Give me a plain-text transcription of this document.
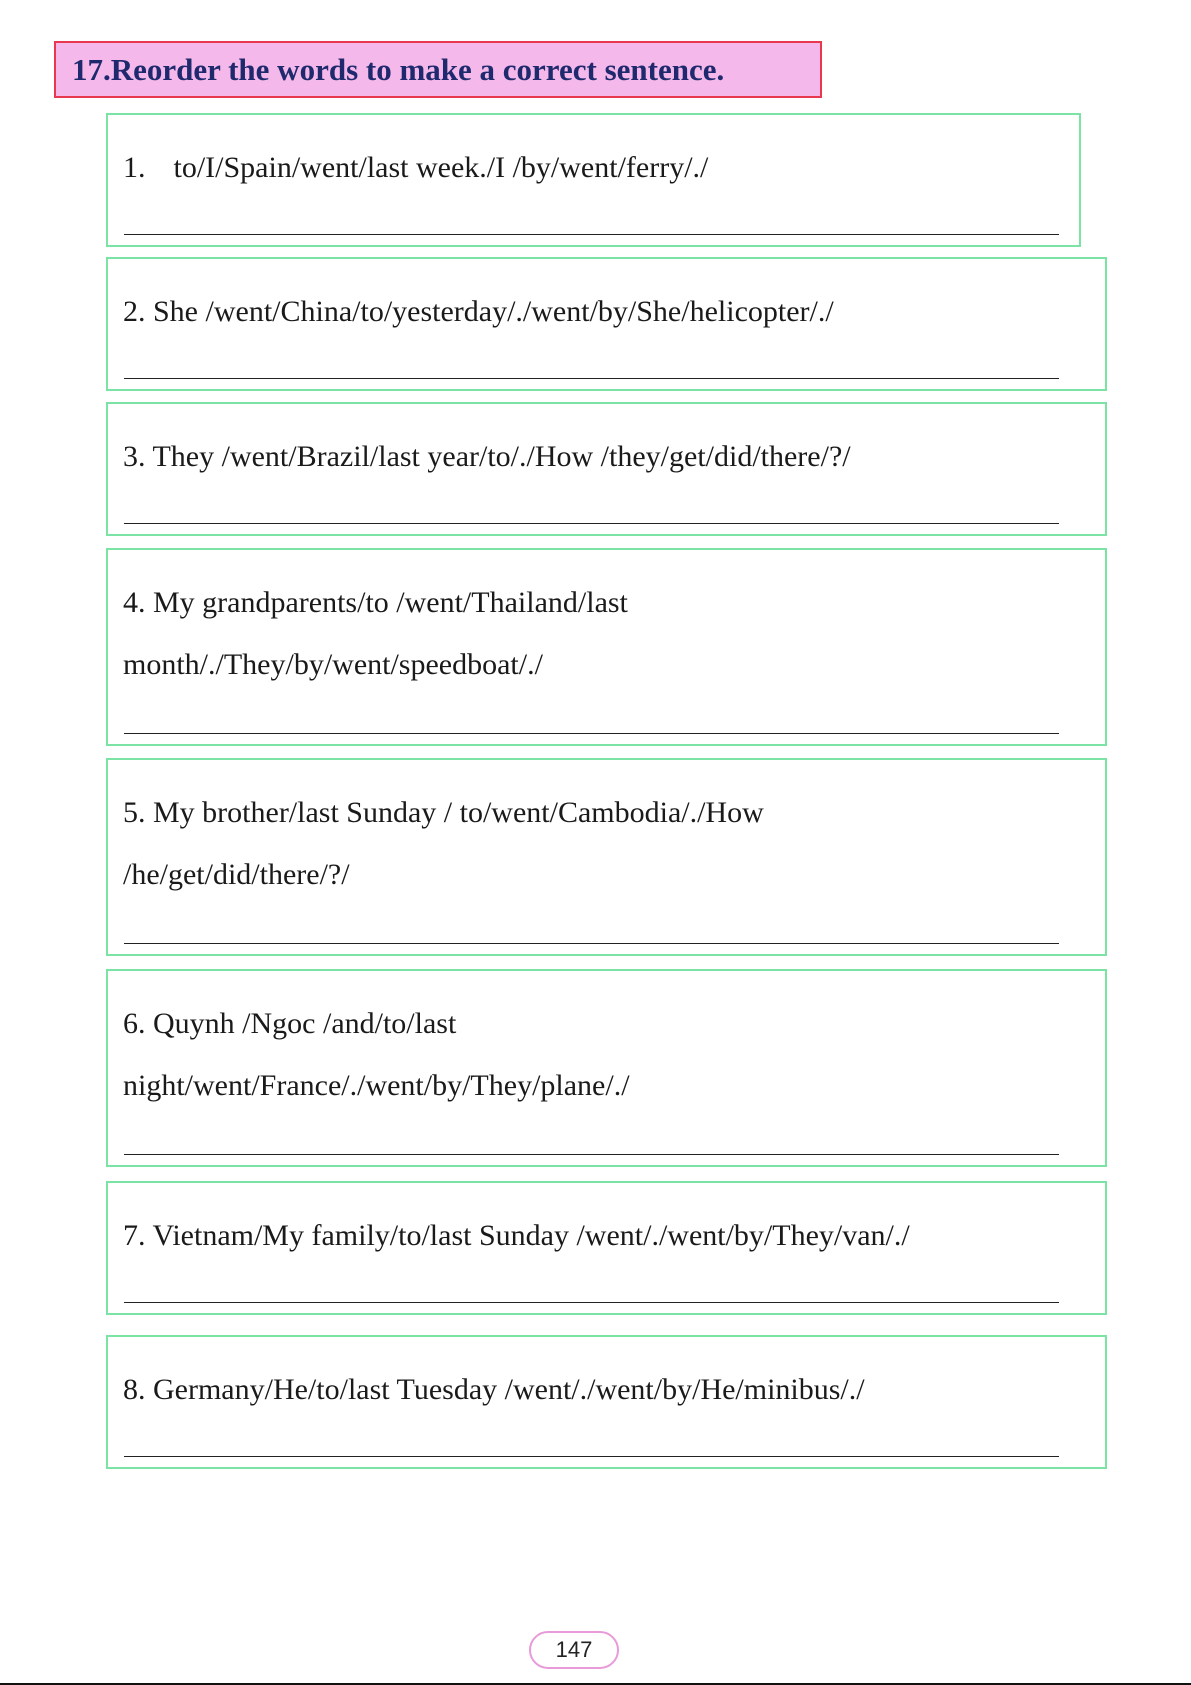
17.Reorder the words to make a correct sentence.

1. to/I/Spain/went/last week./I /by/went/ferry/./

2. She /went/China/to/yesterday/./went/by/She/helicopter/./

3. They /went/Brazil/last year/to/./How /they/get/did/there/?/

4. My grandparents/to /went/Thailand/last
month/./They/by/went/speedboat/./

5. My brother/last Sunday / to/went/Cambodia/./How
/he/get/did/there/?/

6. Quynh /Ngoc /and/to/last
night/went/France/./went/by/They/plane/./

7. Vietnam/My family/to/last Sunday /went/./went/by/They/van/./

8. Germany/He/to/last Tuesday /went/./went/by/He/minibus/./

147
